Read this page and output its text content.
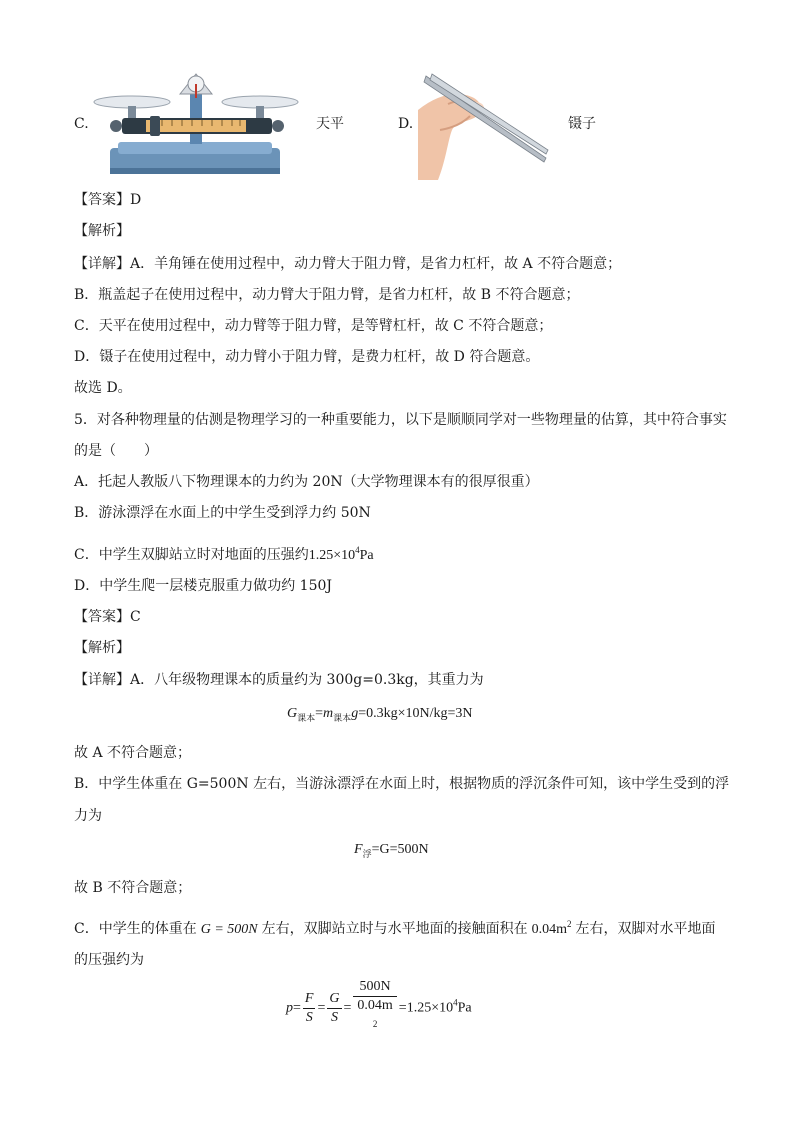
C.	天平	D.	镊子
【答案】D
【解析】
【详解】A．羊角锤在使用过程中，动力臂大于阻力臂，是省力杠杆，故 A 不符合题意；
B．瓶盖起子在使用过程中，动力臂大于阻力臂，是省力杠杆，故 B 不符合题意；
C．天平在使用过程中，动力臂等于阻力臂，是等臂杠杆，故 C 不符合题意；
D．镊子在使用过程中，动力臂小于阻力臂，是费力杠杆，故 D 符合题意。
故选 D。
5．对各种物理量的估测是物理学习的一种重要能力，以下是顺顺同学对一些物理量的估算，其中符合事实
的是（　　）
A．托起人教版八下物理课本的力约为 20N（大学物理课本有的很厚很重）
B．游泳漂浮在水面上的中学生受到浮力约 50N
C．中学生双脚站立时对地面的压强约$1.25\times 10^4Pa$
D．中学生爬一层楼克服重力做功约 150J
【答案】C
【解析】
【详解】A．八年级物理课本的质量约为 300g=0.3kg，其重力为
$G_{课本}=m_{课本}g=0.3kg\times 10N/kg=3N$
故 A 不符合题意；
B．中学生体重在 G=500N 左右，当游泳漂浮在水面上时，根据物质的浮沉条件可知，该中学生受到的浮
力为
$F_浮=G=500N$
故 B 不符合题意；
C．中学生的体重在 G = 500N 左右，双脚站立时与水平地面的接触面积在 $0.04m^2$ 左右，双脚对水平地面
的压强约为
$p= \frac{F}{S} = \frac{G}{S} = 500N$
0.04m
$^2 =1.25\times 10^4Pa$
